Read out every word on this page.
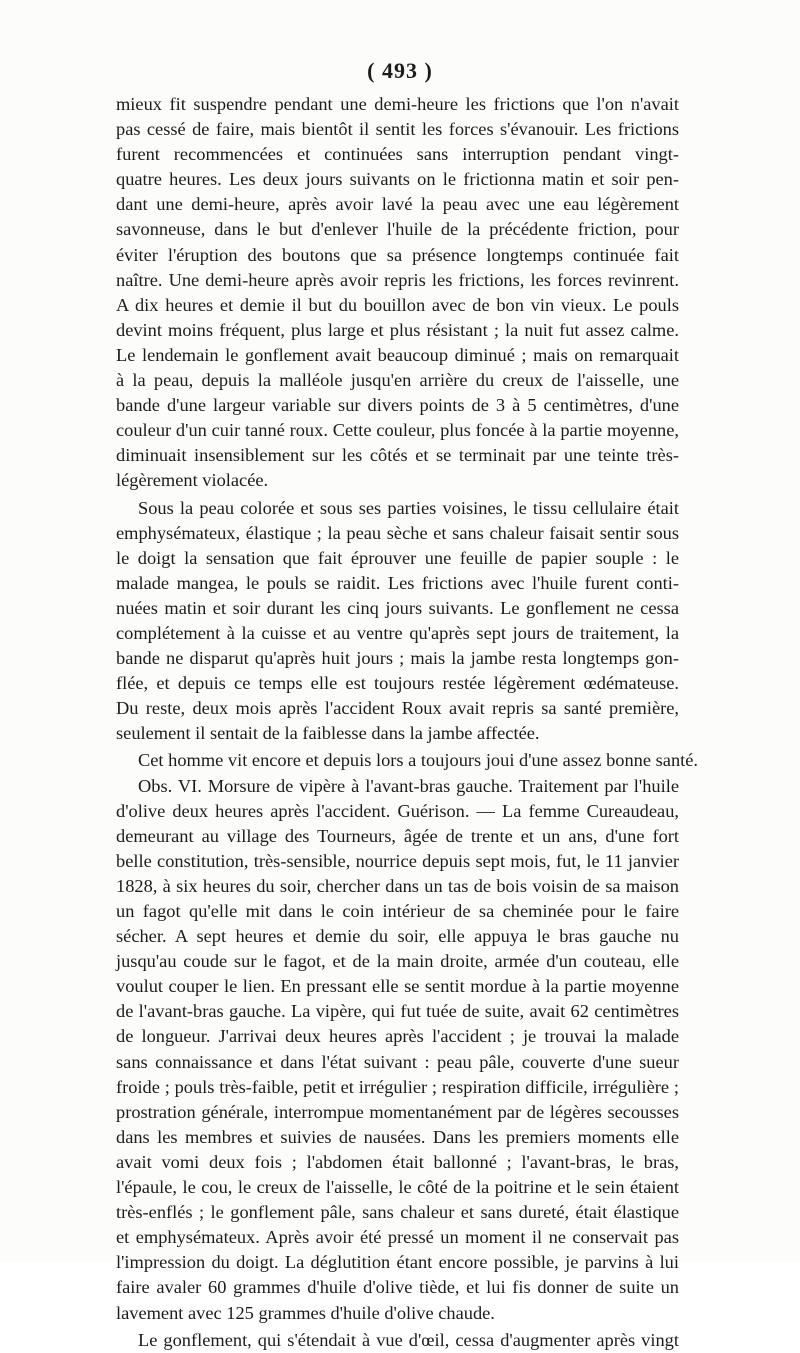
( 493 )
mieux fit suspendre pendant une demi-heure les frictions que l'on n'avait
pas cessé de faire, mais bientôt il sentit les forces s'évanouir. Les frictions
furent recommencées et continuées sans interruption pendant vingt-
quatre heures. Les deux jours suivants on le frictionna matin et soir pen-
dant une demi-heure, après avoir lavé la peau avec une eau légèrement
savonneuse, dans le but d'enlever l'huile de la précédente friction, pour
éviter l'éruption des boutons que sa présence longtemps continuée fait
naître. Une demi-heure après avoir repris les frictions, les forces revinrent.
A dix heures et demie il but du bouillon avec de bon vin vieux. Le pouls
devint moins fréquent, plus large et plus résistant ; la nuit fut assez calme.
Le lendemain le gonflement avait beaucoup diminué ; mais on remarquait
à la peau, depuis la malléole jusqu'en arrière du creux de l'aisselle, une
bande d'une largeur variable sur divers points de 3 à 5 centimètres, d'une
couleur d'un cuir tanné roux. Cette couleur, plus foncée à la partie moyenne,
diminuait insensiblement sur les côtés et se terminait par une teinte très-
légèrement violacée.
Sous la peau colorée et sous ses parties voisines, le tissu cellulaire était
emphysémateux, élastique ; la peau sèche et sans chaleur faisait sentir sous
le doigt la sensation que fait éprouver une feuille de papier souple : le
malade mangea, le pouls se raidit. Les frictions avec l'huile furent conti-
nuées matin et soir durant les cinq jours suivants. Le gonflement ne cessa
complétement à la cuisse et au ventre qu'après sept jours de traitement, la
bande ne disparut qu'après huit jours ; mais la jambe resta longtemps gon-
flée, et depuis ce temps elle est toujours restée légèrement œdémateuse.
Du reste, deux mois après l'accident Roux avait repris sa santé première,
seulement il sentait de la faiblesse dans la jambe affectée.
Cet homme vit encore et depuis lors a toujours joui d'une assez bonne santé.
Obs. VI. Morsure de vipère à l'avant-bras gauche. Traitement par l'huile
d'olive deux heures après l'accident. Guérison. — La femme Cureaudeau,
demeurant au village des Tourneurs, âgée de trente et un ans, d'une fort
belle constitution, très-sensible, nourrice depuis sept mois, fut, le 11 janvier
1828, à six heures du soir, chercher dans un tas de bois voisin de sa maison
un fagot qu'elle mit dans le coin intérieur de sa cheminée pour le faire
sécher. A sept heures et demie du soir, elle appuya le bras gauche nu
jusqu'au coude sur le fagot, et de la main droite, armée d'un couteau, elle
voulut couper le lien. En pressant elle se sentit mordue à la partie moyenne
de l'avant-bras gauche. La vipère, qui fut tuée de suite, avait 62 centimètres
de longueur. J'arrivai deux heures après l'accident ; je trouvai la malade
sans connaissance et dans l'état suivant : peau pâle, couverte d'une sueur
froide ; pouls très-faible, petit et irrégulier ; respiration difficile, irrégulière ;
prostration générale, interrompue momentanément par de légères secousses
dans les membres et suivies de nausées. Dans les premiers moments elle
avait vomi deux fois ; l'abdomen était ballonné ; l'avant-bras, le bras,
l'épaule, le cou, le creux de l'aisselle, le côté de la poitrine et le sein étaient
très-enflés ; le gonflement pâle, sans chaleur et sans dureté, était élastique
et emphysémateux. Après avoir été pressé un moment il ne conservait pas
l'impression du doigt. La déglutition étant encore possible, je parvins à lui
faire avaler 60 grammes d'huile d'olive tiède, et lui fis donner de suite un
lavement avec 125 grammes d'huile d'olive chaude.
Le gonflement, qui s'étendait à vue d'œil, cessa d'augmenter après vingt
